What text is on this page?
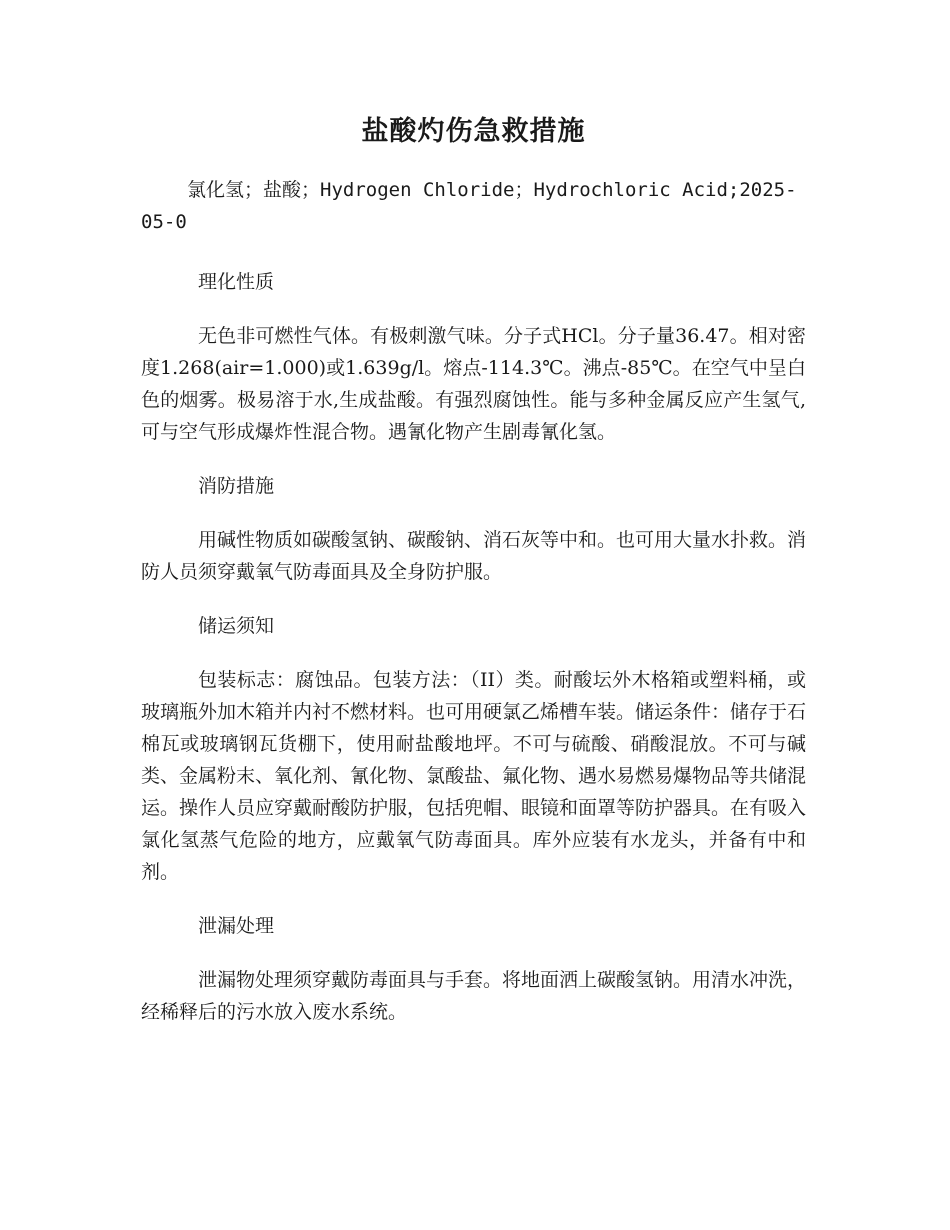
盐酸灼伤急救措施
氯化氢；盐酸；Hydrogen Chloride；Hydrochloric Acid;2025-05-0
理化性质
无色非可燃性气体。有极刺激气味。分子式HCl。分子量36.47。相对密度1.268(air=1.000)或1.639g/l。熔点-114.3℃。沸点-85℃。在空气中呈白色的烟雾。极易溶于水,生成盐酸。有强烈腐蚀性。能与多种金属反应产生氢气,可与空气形成爆炸性混合物。遇氰化物产生剧毒氰化氢。
消防措施
用碱性物质如碳酸氢钠、碳酸钠、消石灰等中和。也可用大量水扑救。消防人员须穿戴氧气防毒面具及全身防护服。
储运须知
包装标志：腐蚀品。包装方法：（II）类。耐酸坛外木格箱或塑料桶，或玻璃瓶外加木箱并内衬不燃材料。也可用硬氯乙烯槽车装。储运条件：储存于石棉瓦或玻璃钢瓦货棚下，使用耐盐酸地坪。不可与硫酸、硝酸混放。不可与碱类、金属粉末、氧化剂、氰化物、氯酸盐、氟化物、遇水易燃易爆物品等共储混运。操作人员应穿戴耐酸防护服，包括兜帽、眼镜和面罩等防护器具。在有吸入氯化氢蒸气危险的地方，应戴氧气防毒面具。库外应装有水龙头，并备有中和剂。
泄漏处理
泄漏物处理须穿戴防毒面具与手套。将地面洒上碳酸氢钠。用清水冲洗，经稀释后的污水放入废水系统。
